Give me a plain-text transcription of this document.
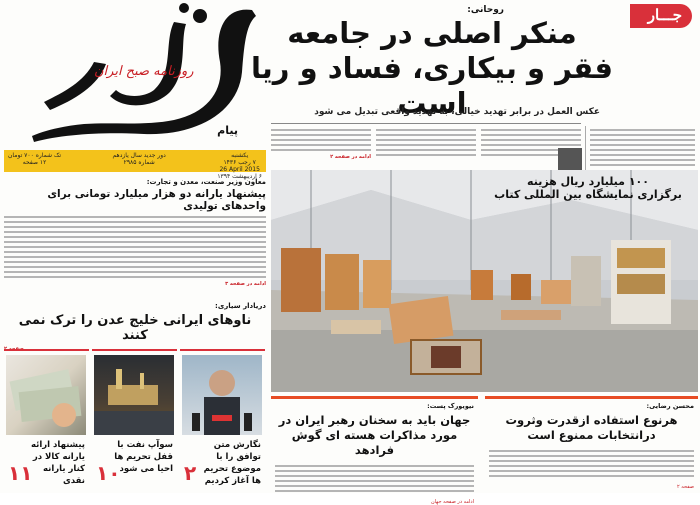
پیام
روزنامه صبح ایران
یکشنبه
۷ رجب ۱۴۳۶
26 April 2015
۶ اردیبهشت ۱۳۹۴
دور جدید سال یازدهم
شماره ۲۹۸۵
تک شماره ۷۰۰ تومان
۱۲ صفحه
جـــار
روحانی:
منکر اصلی در جامعه
فقر و بیکاری، فساد و ریا است
عکس العمل در برابر تهدید خیالی، به تهدید واقعی تبدیل می شود
ادامه در صفحه ۲
۱۰۰ میلیارد ریال هزینه
برگزاری نمایشگاه بین المللی کتاب
معاون وزیر صنعت، معدن و تجارت:
پیشنهاد یارانه دو هزار میلیارد تومانی برای واحدهای تولیدی
ادامه در صفحه ۳
دریادار سیاری:
ناوهای ایرانی خلیج عدن را ترک نمی کنند
صفحه ۲
پیشنهاد ارائه یارانه کالا در کنار یارانه نقدی
۱۱
سوآپ نفت با قفل تحریم ها احیا می شود
۱۰
نگارش متن توافق را با موضوع تحریم ها آغاز کردیم
۲
نیویورک پست:
جهان باید به سخنان رهبر ایران در مورد مذاکرات هسته ای گوش فرادهد
ادامه در صفحه جهان
محسن رضایی:
هرنوع استفاده ازقدرت وثروت درانتخابات ممنوع است
صفحه ۲
